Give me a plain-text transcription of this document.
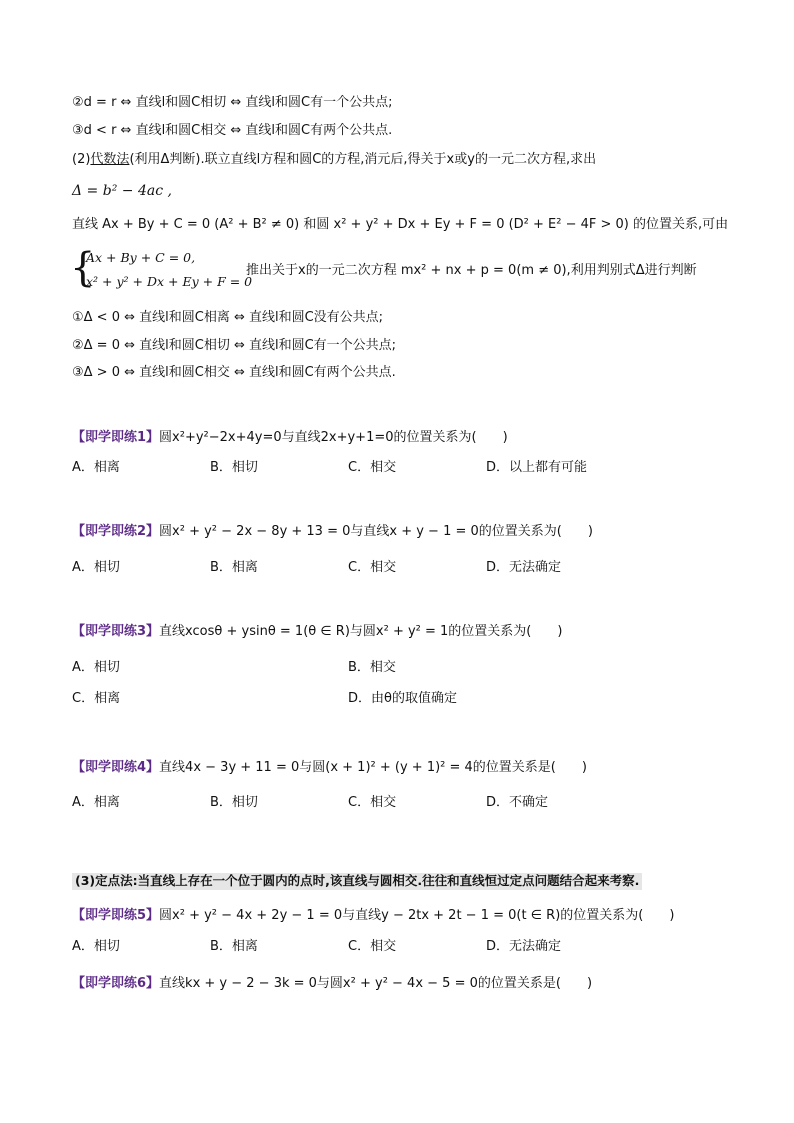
②d = r ⇔ 直线l和圆C相切 ⇔ 直线l和圆C有一个公共点;
③d < r ⇔ 直线l和圆C相交 ⇔ 直线l和圆C有两个公共点.
(2)代数法(利用Δ判断).联立直线l方程和圆C的方程,消元后,得关于x或y的一元二次方程,求出
Δ = b² − 4ac ,
直线 Ax + By + C = 0 (A² + B² ≠ 0) 和圆 x² + y² + Dx + Ey + F = 0 (D² + E² − 4F > 0) 的位置关系,可由
{
Ax + By + C = 0,
x² + y² + Dx + Ey + F = 0
推出关于x的一元二次方程 mx² + nx + p = 0(m ≠ 0),利用判别式Δ进行判断
①Δ < 0 ⇔ 直线l和圆C相离 ⇔ 直线l和圆C没有公共点;
②Δ = 0 ⇔ 直线l和圆C相切 ⇔ 直线l和圆C有一个公共点;
③Δ > 0 ⇔ 直线l和圆C相交 ⇔ 直线l和圆C有两个公共点.
【即学即练1】圆x²+y²−2x+4y=0与直线2x+y+1=0的位置关系为(　　)
A．相离	B．相切	C．相交	D．以上都有可能
【即学即练2】圆x² + y² − 2x − 8y + 13 = 0与直线x + y − 1 = 0的位置关系为(　　)
A．相切	B．相离	C．相交	D．无法确定
【即学即练3】直线xcosθ + ysinθ = 1(θ ∈ R)与圆x² + y² = 1的位置关系为(　　)
A．相切	B．相交
C．相离	D．由θ的取值确定
【即学即练4】直线4x − 3y + 11 = 0与圆(x + 1)² + (y + 1)² = 4的位置关系是(　　)
A．相离	B．相切	C．相交	D．不确定
(3)定点法:当直线上存在一个位于圆内的点时,该直线与圆相交.往往和直线恒过定点问题结合起来考察.
【即学即练5】圆x² + y² − 4x + 2y − 1 = 0与直线y − 2tx + 2t − 1 = 0(t ∈ R)的位置关系为(　　)
A．相切	B．相离	C．相交	D．无法确定
【即学即练6】直线kx + y − 2 − 3k = 0与圆x² + y² − 4x − 5 = 0的位置关系是(　　)
